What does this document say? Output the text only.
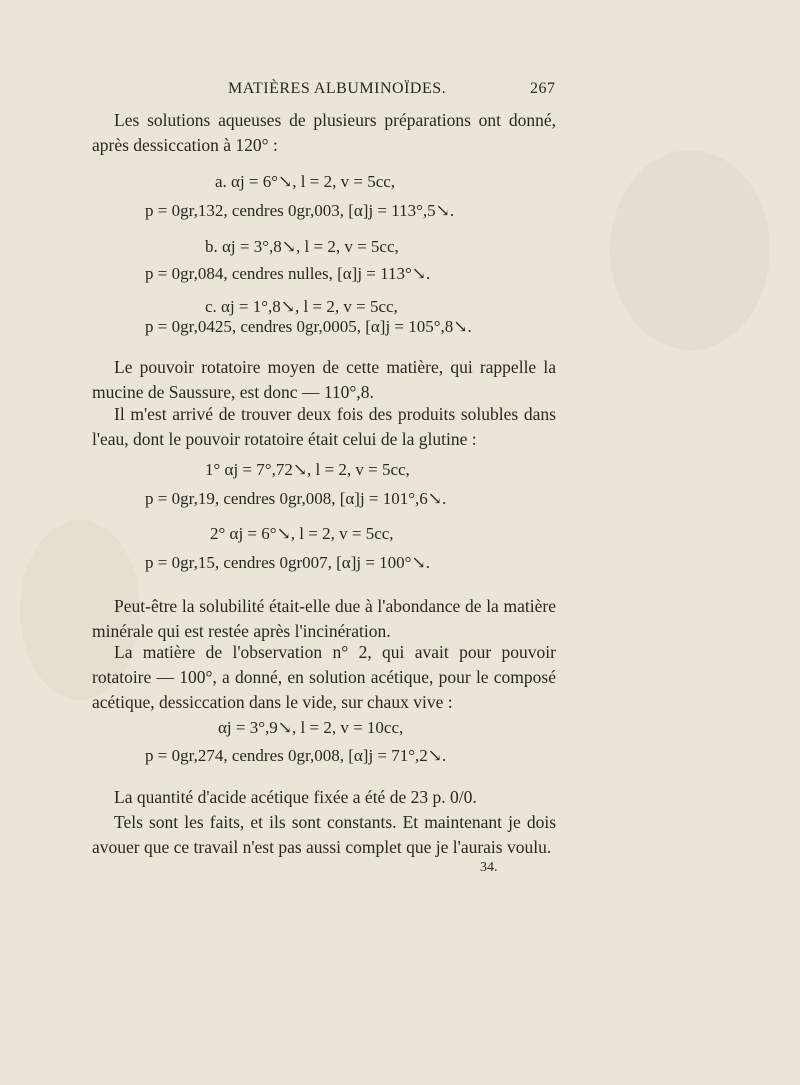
MATIÈRES ALBUMINOÏDES.	267

Les solutions aqueuses de plusieurs préparations ont donné, après dessiccation à 120° :

a. αj = 6°↘, l = 2, v = 5cc,
p = 0gr,132, cendres 0gr,003, [α]j = 113°,5↘.
b. αj = 3°,8↘, l = 2, v = 5cc,
p = 0gr,084, cendres nulles, [α]j = 113°↘.
c. αj = 1°,8↘, l = 2, v = 5cc,
p = 0gr,0425, cendres 0gr,0005, [α]j = 105°,8↘.

Le pouvoir rotatoire moyen de cette matière, qui rappelle la mucine de Saussure, est donc — 110°,8.

Il m'est arrivé de trouver deux fois des produits solubles dans l'eau, dont le pouvoir rotatoire était celui de la glutine :

1° αj = 7°,72↘, l = 2, v = 5cc,
p = 0gr,19, cendres 0gr,008, [α]j = 101°,6↘.
2° αj = 6°↘, l = 2, v = 5cc,
p = 0gr,15, cendres 0gr007, [α]j = 100°↘.

Peut-être la solubilité était-elle due à l'abondance de la matière minérale qui est restée après l'incinération.

La matière de l'observation n° 2, qui avait pour pouvoir rotatoire — 100°, a donné, en solution acétique, pour le composé acétique, dessiccation dans le vide, sur chaux vive :

αj = 3°,9↘, l = 2, v = 10cc,
p = 0gr,274, cendres 0gr,008, [α]j = 71°,2↘.

La quantité d'acide acétique fixée a été de 23 p. 0/0.

Tels sont les faits, et ils sont constants. Et maintenant je dois avouer que ce travail n'est pas aussi complet que je l'aurais voulu.

34.
